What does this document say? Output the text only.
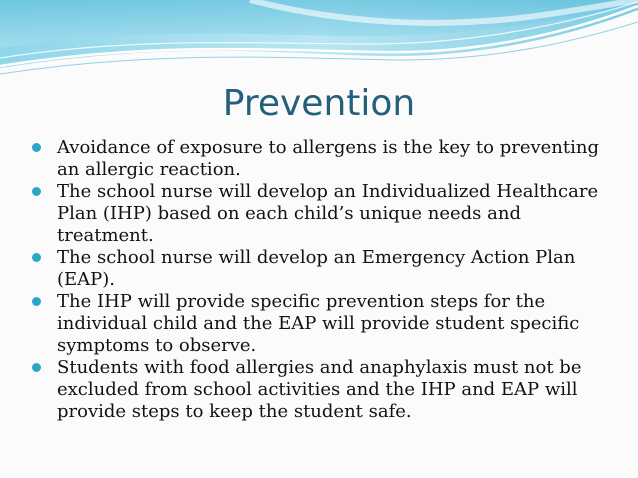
Prevention
Avoidance of exposure to allergens is the key to preventing an allergic reaction.
The school nurse will develop an Individualized Healthcare Plan (IHP) based on each child’s unique needs and treatment.
The school nurse will develop an Emergency Action Plan (EAP).
The IHP will provide specific prevention steps for the individual child and the EAP will provide student specific symptoms to observe.
Students with food allergies and anaphylaxis must not be excluded from school activities and the IHP and EAP will provide steps to keep the student safe.
